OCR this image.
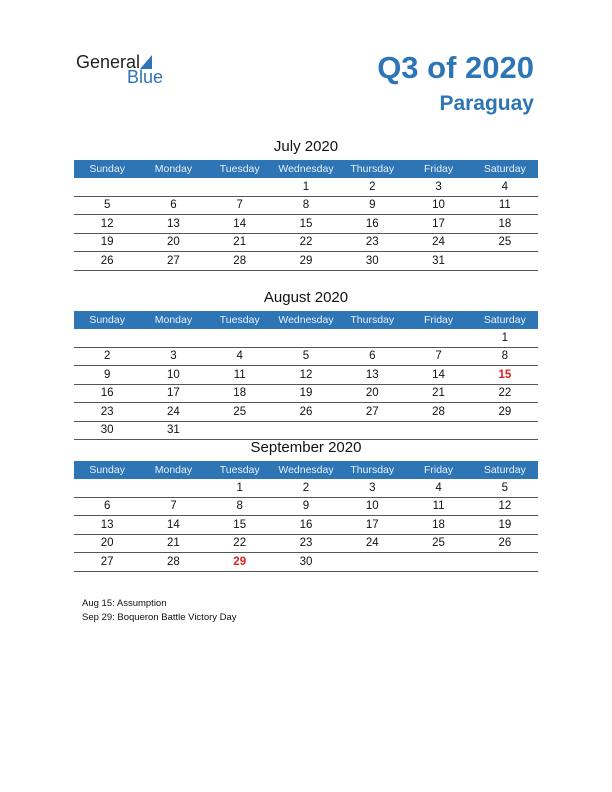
General
Blue	Q3 of 2020
Paraguay
July 2020
Sunday	Monday	Tuesday	Wednesday	Thursday	Friday	Saturday
			1	2	3	4
5	6	7	8	9	10	11
12	13	14	15	16	17	18
19	20	21	22	23	24	25
26	27	28	29	30	31	
August 2020
Sunday	Monday	Tuesday	Wednesday	Thursday	Friday	Saturday
						1
2	3	4	5	6	7	8
9	10	11	12	13	14	15
16	17	18	19	20	21	22
23	24	25	26	27	28	29
30	31					
September 2020
Sunday	Monday	Tuesday	Wednesday	Thursday	Friday	Saturday
		1	2	3	4	5
6	7	8	9	10	11	12
13	14	15	16	17	18	19
20	21	22	23	24	25	26
27	28	29	30			
Aug 15: Assumption
Sep 29: Boqueron Battle Victory Day
